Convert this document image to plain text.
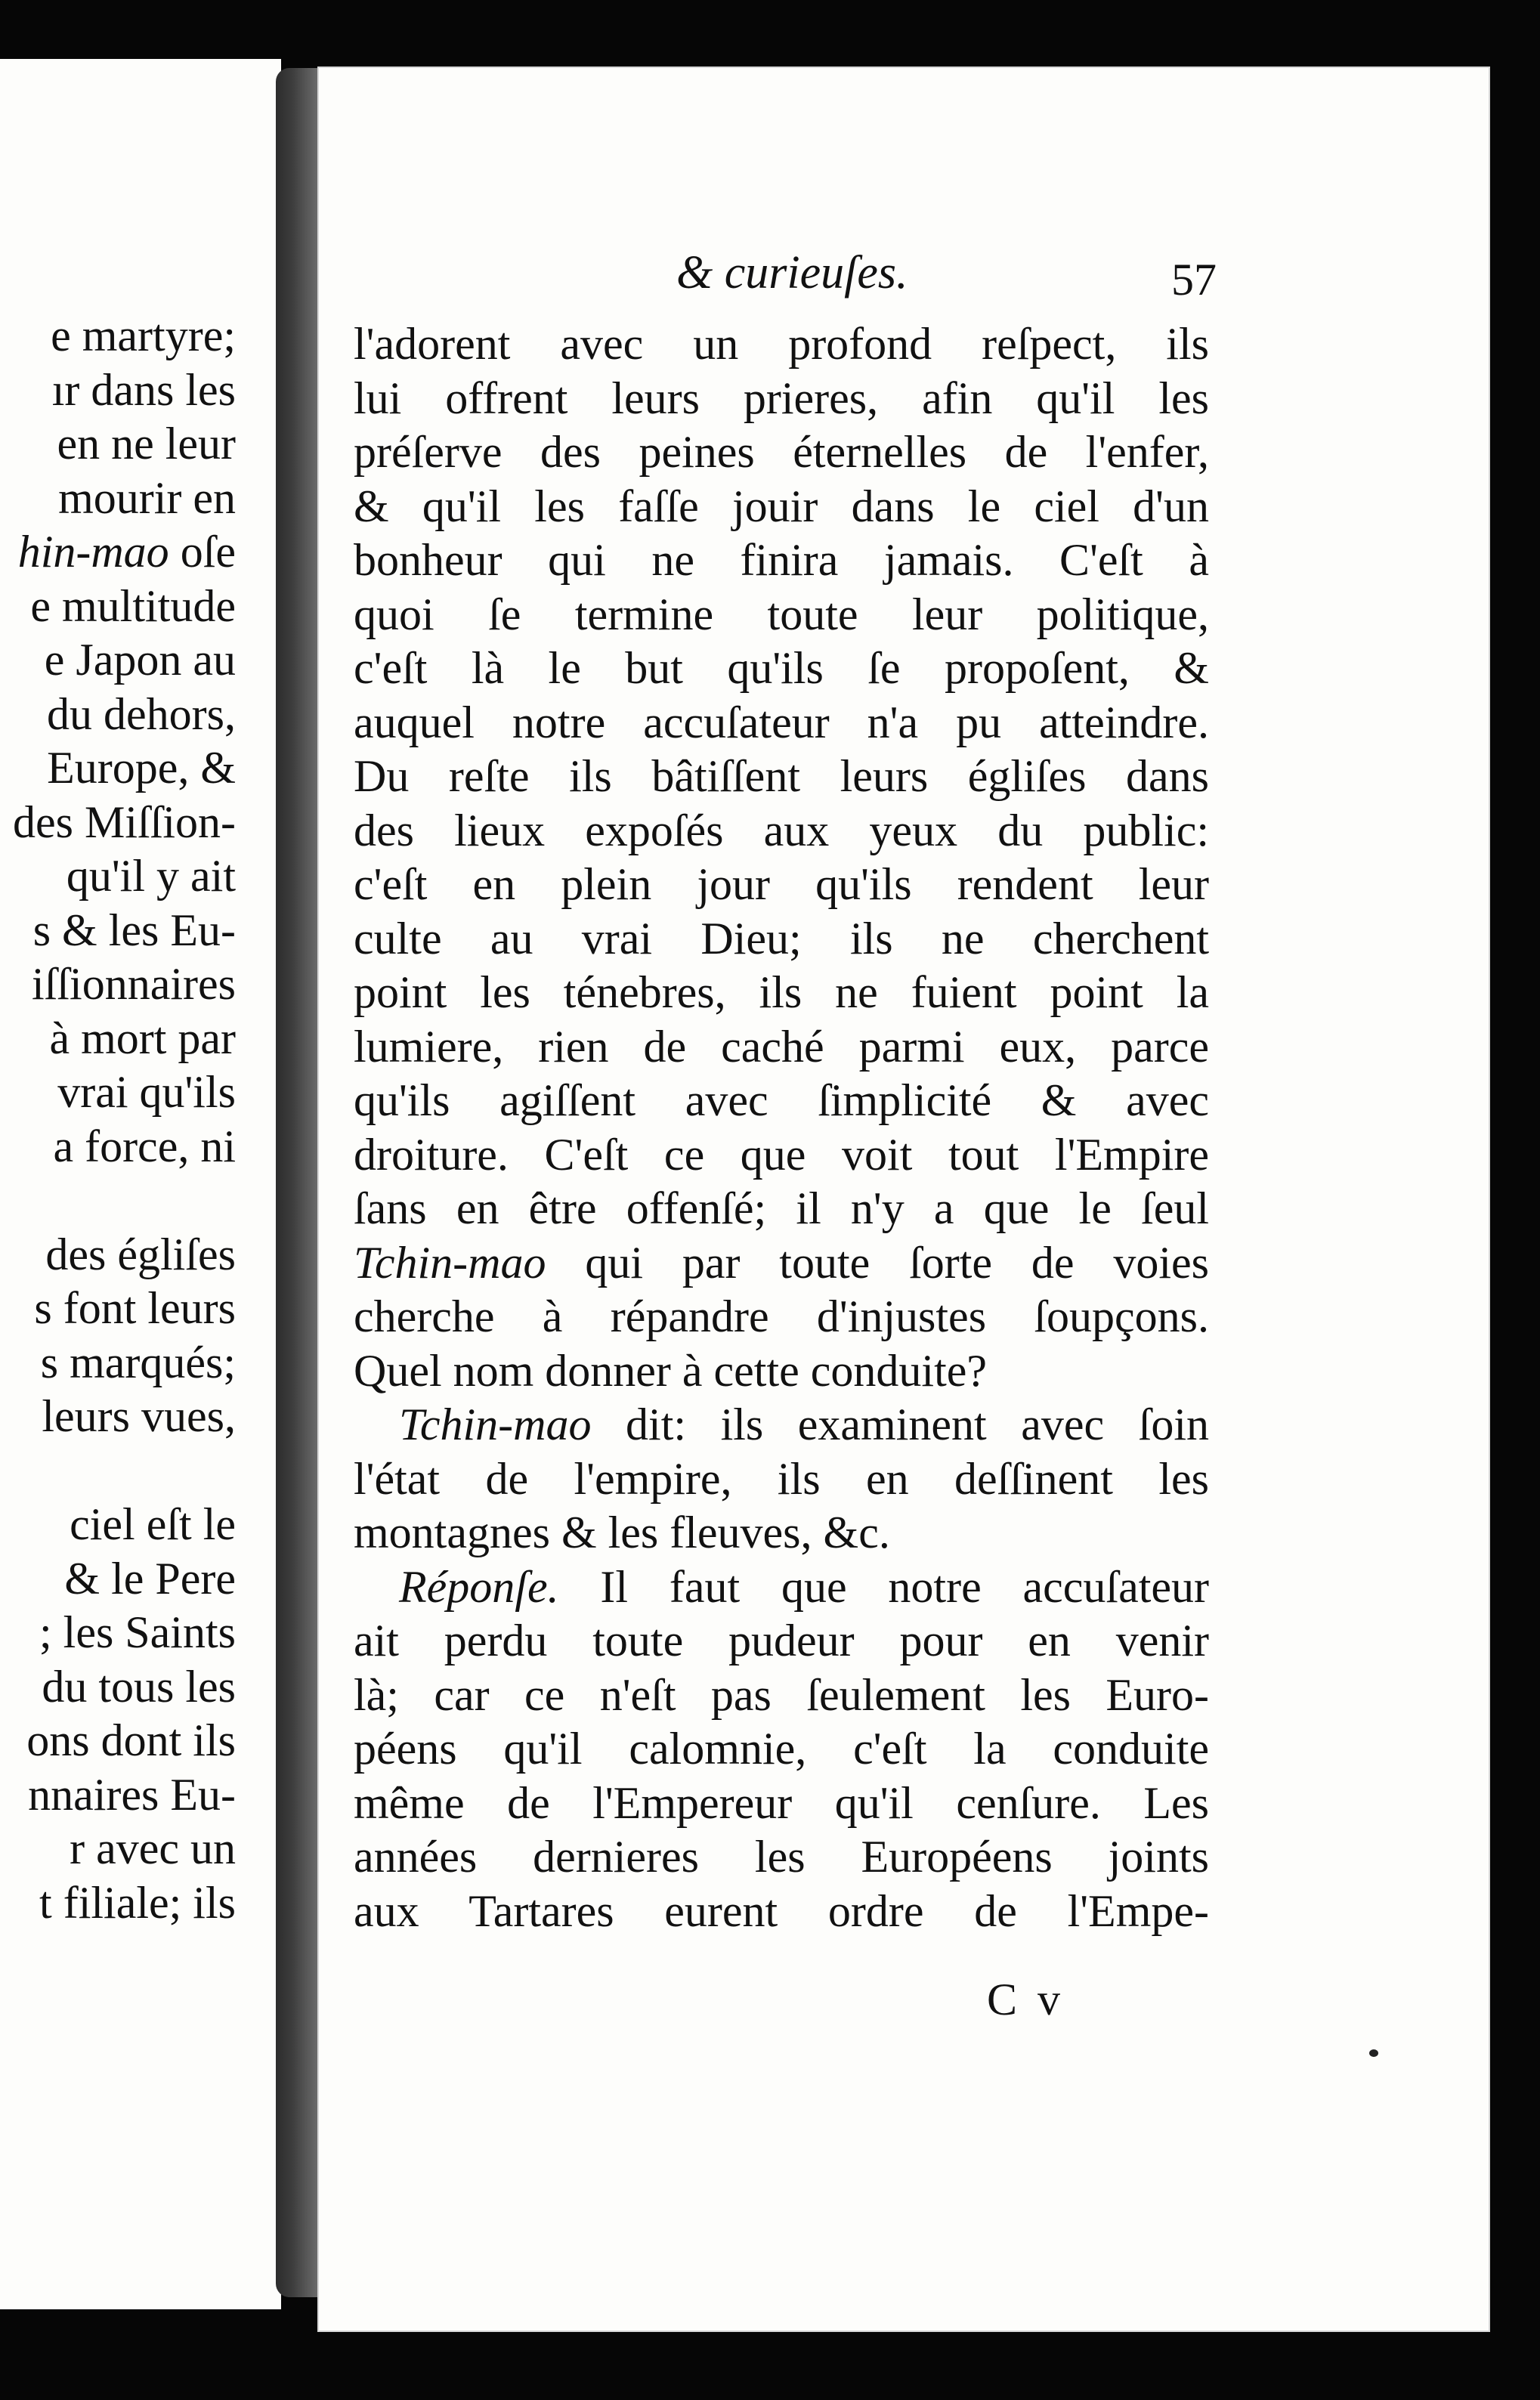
e martyre;
ır dans les
en ne leur
mourir en
hin-mao oſe
e multitude
e Japon au
du dehors,
Europe, &
des Miſſion-
qu'il y ait
s & les Eu-
iſſionnaires
à mort par
vrai qu'ils
a force, ni
des égliſes
s font leurs
s marqués;
leurs vues,
ciel eſt le
& le Pere
; les Saints
du tous les
ons dont ils
nnaires Eu-
r avec un
t filiale; ils
& curieuſes.	57
l'adorent avec un profond reſpect, ils
lui offrent leurs prieres, afin qu'il les
préſerve des peines éternelles de l'enfer,
& qu'il les faſſe jouir dans le ciel d'un
bonheur qui ne finira jamais. C'eſt à
quoi ſe termine toute leur politique,
c'eſt là le but qu'ils ſe propoſent, &
auquel notre accuſateur n'a pu atteindre.
Du reſte ils bâtiſſent leurs égliſes dans
des lieux expoſés aux yeux du public:
c'eſt en plein jour qu'ils rendent leur
culte au vrai Dieu; ils ne cherchent
point les ténebres, ils ne fuient point la
lumiere, rien de caché parmi eux, parce
qu'ils agiſſent avec ſimplicité & avec
droiture. C'eſt ce que voit tout l'Empire
ſans en être offenſé; il n'y a que le ſeul
Tchin-mao qui par toute ſorte de voies
cherche à répandre d'injustes ſoupçons.
Quel nom donner à cette conduite?
Tchin-mao dit: ils examinent avec ſoin
l'état de l'empire, ils en deſſinent les
montagnes & les fleuves, &c.
Réponſe. Il faut que notre accuſateur
ait perdu toute pudeur pour en venir
là; car ce n'eſt pas ſeulement les Euro-
péens qu'il calomnie, c'eſt la conduite
même de l'Empereur qu'il cenſure. Les
années dernieres les Européens joints
aux Tartares eurent ordre de l'Empe-
C v
